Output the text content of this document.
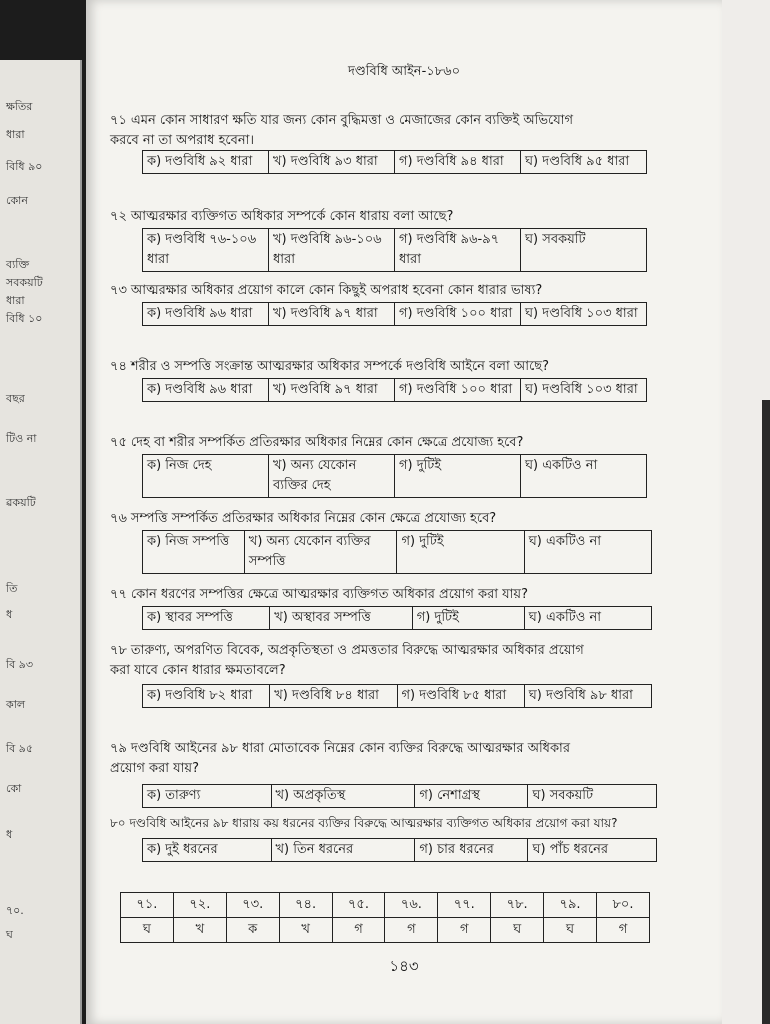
ক্ষতির
ধারা
বিধি ৯০
কোন
ব্যক্তি
সবকয়টি
ধারা
বিধি ১০
বছর
টিও না
ৱকয়টি
তি
ধ
বি ৯৩
কাল
বি ৯৫
কো
ধ
৭০.
ঘ
দণ্ডবিধি আইন-১৮৬০
৭১ এমন কোন সাধারণ ক্ষতি যার জন্য কোন বুদ্ধিমত্তা ও মেজাজের কোন ব্যক্তিই অভিযোগ
করবে না তা অপরাধ হবেনা।
ক) দণ্ডবিধি ৯২ ধারা	খ) দণ্ডবিধি ৯৩ ধারা	গ) দণ্ডবিধি ৯৪ ধারা	ঘ) দণ্ডবিধি ৯৫ ধারা
৭২ আত্মরক্ষার ব্যক্তিগত অধিকার সম্পর্কে কোন ধারায় বলা আছে?
ক) দণ্ডবিধি ৭৬-১০৬ ধারা	খ) দণ্ডবিধি ৯৬-১০৬ ধারা	গ) দণ্ডবিধি ৯৬-৯৭ ধারা	ঘ) সবকয়টি
৭৩ আত্মরক্ষার অধিকার প্রয়োগ কালে কোন কিছুই অপরাধ হবেনা কোন ধারার ভাষ্য?
ক) দণ্ডবিধি ৯৬ ধারা	খ) দণ্ডবিধি ৯৭ ধারা	গ) দণ্ডবিধি ১০০ ধারা	ঘ) দণ্ডবিধি ১০৩ ধারা
৭৪ শরীর ও সম্পত্তি সংক্রান্ত আত্মরক্ষার অধিকার সম্পর্কে দণ্ডবিধি আইনে বলা আছে?
ক) দণ্ডবিধি ৯৬ ধারা	খ) দণ্ডবিধি ৯৭ ধারা	গ) দণ্ডবিধি ১০০ ধারা	ঘ) দণ্ডবিধি ১০৩ ধারা
৭৫ দেহ বা শরীর সম্পর্কিত প্রতিরক্ষার অধিকার নিম্নের কোন ক্ষেত্রে প্রযোজ্য হবে?
ক) নিজ দেহ	খ) অন্য যেকোন ব্যক্তির দেহ	গ) দুটিই	ঘ) একটিও না
৭৬ সম্পত্তি সম্পর্কিত প্রতিরক্ষার অধিকার নিম্নের কোন ক্ষেত্রে প্রযোজ্য হবে?
ক) নিজ সম্পত্তি	খ) অন্য যেকোন ব্যক্তির সম্পত্তি	গ) দুটিই	ঘ) একটিও না
৭৭ কোন ধরণের সম্পত্তির ক্ষেত্রে আত্মরক্ষার ব্যক্তিগত অধিকার প্রয়োগ করা যায়?
ক) স্থাবর সম্পত্তি	খ) অস্থাবর সম্পত্তি	গ) দুটিই	ঘ) একটিও না
৭৮ তারুণ্য, অপরণিত বিবেক, অপ্রকৃতিস্থতা ও প্রমত্ততার বিরুদ্ধে আত্মরক্ষার অধিকার প্রয়োগ
করা যাবে কোন ধারার ক্ষমতাবলে?
ক) দণ্ডবিধি ৮২ ধারা	খ) দণ্ডবিধি ৮৪ ধারা	গ) দণ্ডবিধি ৮৫ ধারা	ঘ) দণ্ডবিধি ৯৮ ধারা
৭৯ দণ্ডবিধি আইনের ৯৮ ধারা মোতাবেক নিম্নের কোন ব্যক্তির বিরুদ্ধে আত্মরক্ষার অধিকার
প্রয়োগ করা যায়?
ক) তারুণ্য	খ) অপ্রকৃতিস্থ	গ) নেশাগ্রস্থ	ঘ) সবকয়টি
৮০ দণ্ডবিধি আইনের ৯৮ ধারায় কয় ধরনের ব্যক্তির বিরুদ্ধে আত্মরক্ষার ব্যক্তিগত অধিকার প্রয়োগ করা যায়?
ক) দুই ধরনের	খ) তিন ধরনের	গ) চার ধরনের	ঘ) পাঁচ ধরনের
৭১.	৭২.	৭৩.	৭৪.	৭৫.	৭৬.	৭৭.	৭৮.	৭৯.	৮০.
ঘ	খ	ক	খ	গ	গ	গ	ঘ	ঘ	গ
১৪৩
